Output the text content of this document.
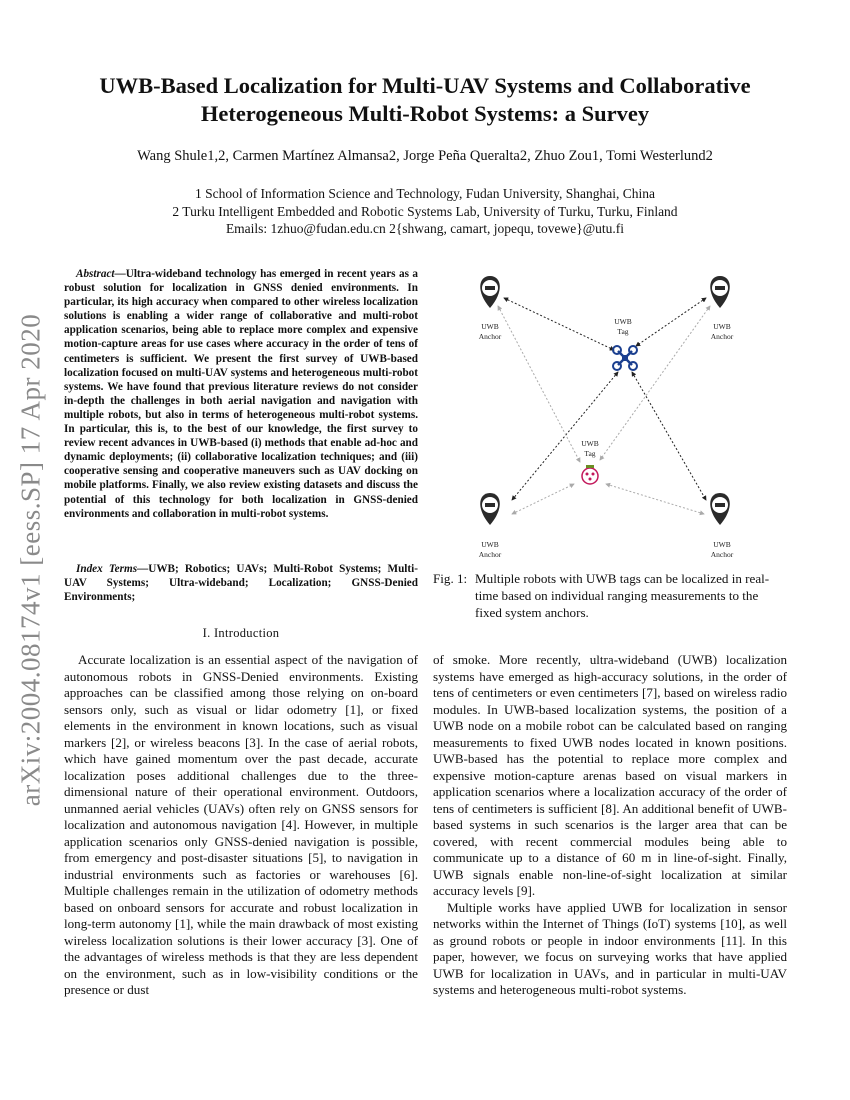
arXiv:2004.08174v1 [eess.SP] 17 Apr 2020
UWB-Based Localization for Multi-UAV Systems and Collaborative
Heterogeneous Multi-Robot Systems: a Survey
Wang Shule1,2, Carmen Martínez Almansa2, Jorge Peña Queralta2, Zhuo Zou1, Tomi Westerlund2
1 School of Information Science and Technology, Fudan University, Shanghai, China
2 Turku Intelligent Embedded and Robotic Systems Lab, University of Turku, Turku, Finland
Emails: 1zhuo@fudan.edu.cn 2{shwang, camart, jopequ, tovewe}@utu.fi
Abstract—Ultra-wideband technology has emerged in recent years as a robust solution for localization in GNSS denied environments. In particular, its high accuracy when compared to other wireless localization solutions is enabling a wider range of collaborative and multi-robot application scenarios, being able to replace more complex and expensive motion-capture areas for use cases where accuracy in the order of tens of centimeters is sufficient. We present the first survey of UWB-based localization focused on multi-UAV systems and heterogeneous multi-robot systems. We have found that previous literature reviews do not consider in-depth the challenges in both aerial navigation and navigation with multiple robots, but also in terms of heterogeneous multi-robot systems. In particular, this is, to the best of our knowledge, the first survey to review recent advances in UWB-based (i) methods that enable ad-hoc and dynamic deployments; (ii) collaborative localization techniques; and (iii) cooperative sensing and cooperative maneuvers such as UAV docking on mobile platforms. Finally, we also review existing datasets and discuss the potential of this technology for both localization in GNSS-denied environments and collaboration in multi-robot systems.
Index Terms—UWB; Robotics; UAVs; Multi-Robot Systems; Multi-UAV Systems; Ultra-wideband; Localization; GNSS-Denied Environments;
I. Introduction

Accurate localization is an essential aspect of the navigation of autonomous robots in GNSS-Denied environments. Existing approaches can be classified among those relying on on-board sensors only, such as visual or lidar odometry [1], or fixed elements in the environment in known locations, such as visual markers [2], or wireless beacons [3]. In the case of aerial robots, which have gained momentum over the past decade, accurate localization poses additional challenges due to the three-dimensional nature of their operational environment. Outdoors, unmanned aerial vehicles (UAVs) often rely on GNSS sensors for localization and autonomous navigation [4]. However, in multiple application scenarios only GNSS-denied navigation is possible, from emergency and post-disaster situations [5], to navigation in industrial environments such as factories or warehouses [6]. Multiple challenges remain in the utilization of odometry methods based on onboard sensors for accurate and robust localization in long-term autonomy [1], while the main drawback of most existing wireless localization solutions is their lower accuracy [3]. One of the advantages of wireless methods is that they are less dependent on the environment, such as in low-visibility conditions or the presence or dust

of smoke. More recently, ultra-wideband (UWB) localization systems have emerged as high-accuracy solutions, in the order of tens of centimeters or even centimeters [7], based on wireless radio modules. In UWB-based localization systems, the position of a UWB node on a mobile robot can be calculated based on ranging measurements to fixed UWB nodes located in known positions. UWB-based has the potential to replace more complex and expensive motion-capture arenas based on visual markers in application scenarios where a localization accuracy of the order of tens of centimeters is sufficient [8]. An additional benefit of UWB-based systems in such scenarios is the larger area that can be covered, with recent commercial modules being able to communicate up to a distance of 60 m in line-of-sight. Finally, UWB signals enable non-line-of-sight localization at similar accuracy levels [9].

Multiple works have applied UWB for localization in sensor networks within the Internet of Things (IoT) systems [10], as well as ground robots or people in indoor environments [11]. In this paper, however, we focus on surveying works that have applied UWB for localization in UAVs, and in particular in multi-UAV systems and heterogeneous multi-robot systems.

UWB
Anchor
UWB
Anchor
UWB
Anchor
UWB
Anchor
UWB
Tag
UWB
Tag
Fig. 1: Multiple robots with UWB tags can be localized in real-time based on individual ranging measurements to the fixed system anchors.
